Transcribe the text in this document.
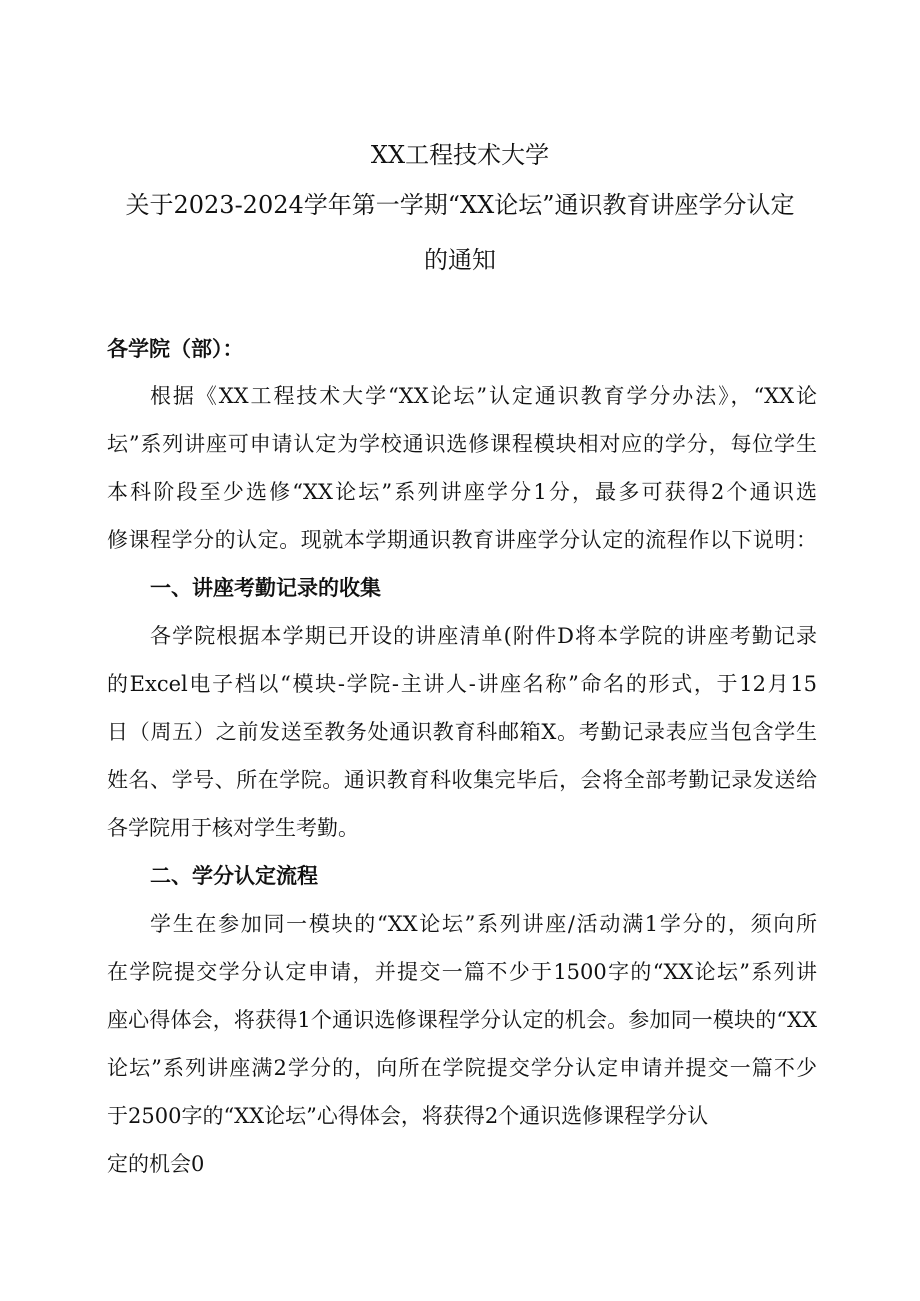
XX工程技术大学
关于2023-2024学年第一学期“XX论坛”通识教育讲座学分认定
的通知
各学院（部）：
根据《XX工程技术大学“XX论坛”认定通识教育学分办法》，“XX论
坛”系列讲座可申请认定为学校通识选修课程模块相对应的学分，每位学生
本科阶段至少选修“XX论坛”系列讲座学分1分，最多可获得2个通识选
修课程学分的认定。现就本学期通识教育讲座学分认定的流程作以下说明：
一、讲座考勤记录的收集
各学院根据本学期已开设的讲座清单(附件D将本学院的讲座考勤记录
的Excel电子档以“模块-学院-主讲人-讲座名称”命名的形式，于12月15
日（周五）之前发送至教务处通识教育科邮箱X。考勤记录表应当包含学生
姓名、学号、所在学院。通识教育科收集完毕后，会将全部考勤记录发送给
各学院用于核对学生考勤。
二、学分认定流程
学生在参加同一模块的“XX论坛”系列讲座/活动满1学分的，须向所
在学院提交学分认定申请，并提交一篇不少于1500字的“XX论坛”系列讲
座心得体会，将获得1个通识选修课程学分认定的机会。参加同一模块的“XX
论坛”系列讲座满2学分的，向所在学院提交学分认定申请并提交一篇不少
于2500字的“XX论坛”心得体会，将获得2个通识选修课程学分认
定的机会0
